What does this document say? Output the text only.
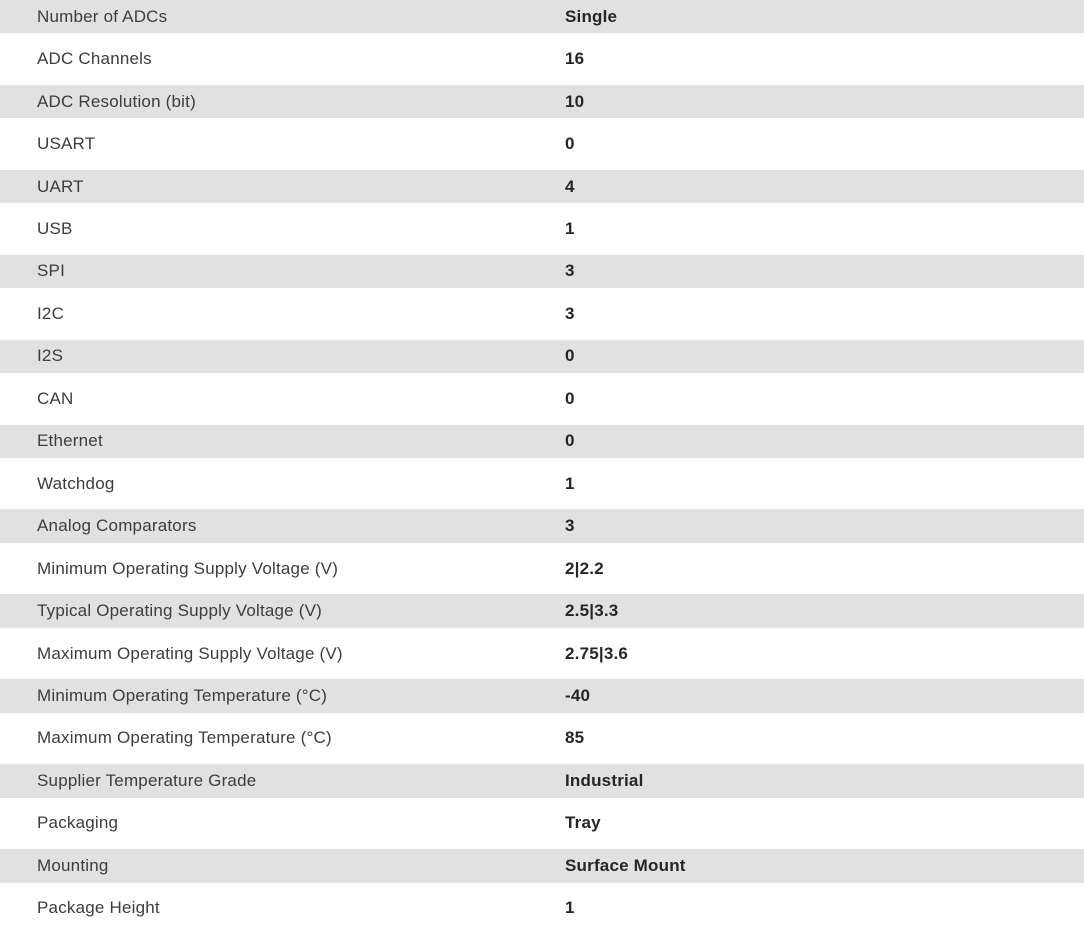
Number of ADCs	Single
ADC Channels	16
ADC Resolution (bit)	10
USART	0
UART	4
USB	1
SPI	3
I2C	3
I2S	0
CAN	0
Ethernet	0
Watchdog	1
Analog Comparators	3
Minimum Operating Supply Voltage (V)	2|2.2
Typical Operating Supply Voltage (V)	2.5|3.3
Maximum Operating Supply Voltage (V)	2.75|3.6
Minimum Operating Temperature (°C)	-40
Maximum Operating Temperature (°C)	85
Supplier Temperature Grade	Industrial
Packaging	Tray
Mounting	Surface Mount
Package Height	1
